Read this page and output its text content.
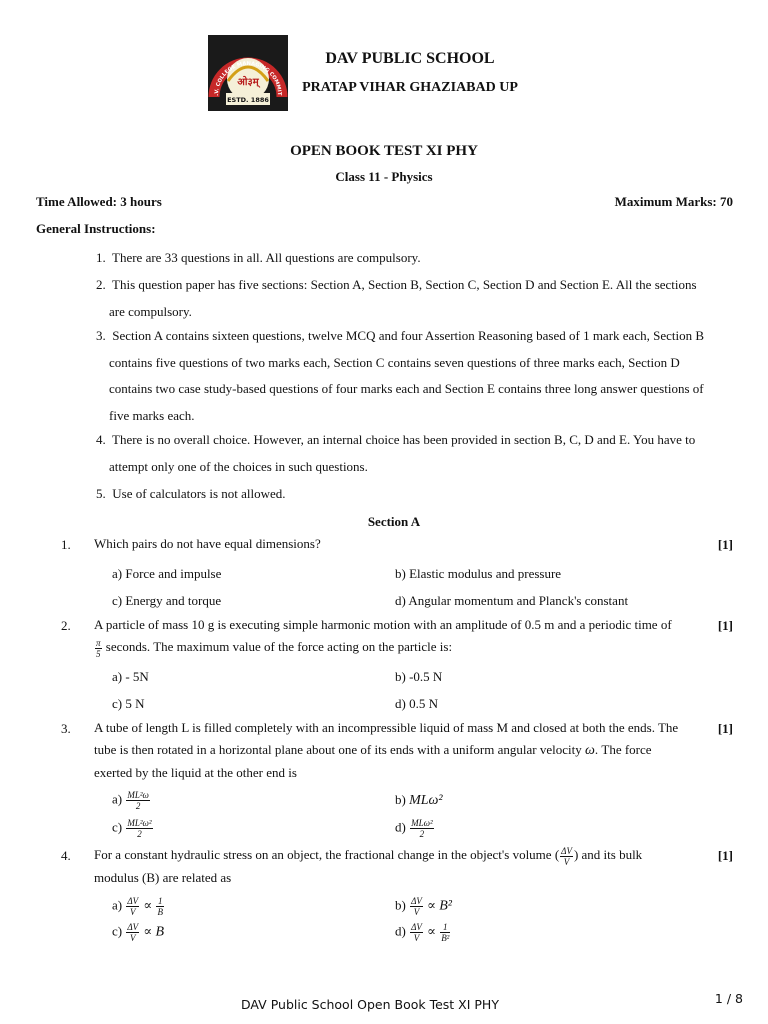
.V. COLLEGE MANAGING COMMIT
ओ३म्
ESTD. 1886
DAV PUBLIC SCHOOL
PRATAP VIHAR GHAZIABAD UP
OPEN BOOK TEST XI PHY
Class 11 - Physics
Time Allowed: 3 hours	Maximum Marks: 70
General Instructions:
1. There are 33 questions in all. All questions are compulsory.
2. This question paper has five sections: Section A, Section B, Section C, Section D and Section E. All the sections
are compulsory.
3. Section A contains sixteen questions, twelve MCQ and four Assertion Reasoning based of 1 mark each, Section B
contains five questions of two marks each, Section C contains seven questions of three marks each, Section D
contains two case study-based questions of four marks each and Section E contains three long answer questions of
five marks each.
4. There is no overall choice. However, an internal choice has been provided in section B, C, D and E. You have to
attempt only one of the choices in such questions.
5. Use of calculators is not allowed.
Section A
1. Which pairs do not have equal dimensions?	[1]
a) Force and impulse	b) Elastic modulus and pressure
c) Energy and torque	d) Angular momentum and Planck's constant
2. A particle of mass 10 g is executing simple harmonic motion with an amplitude of 0.5 m and a periodic time of
$\frac{\pi}{5}$ seconds. The maximum value of the force acting on the particle is:
[1]
a) - 5N	b) -0.5 N
c) 5 N	d) 0.5 N
3. A tube of length L is filled completely with an incompressible liquid of mass M and closed at both the ends. The
tube is then rotated in a horizontal plane about one of its ends with a uniform angular velocity ω. The force
exerted by the liquid at the other end is
[1]
$a) \frac{\text{ML²ω}}{2}$	b) MLω²
$c) \frac{\text{ML²ω²}}{2}$	$d) \frac{\text{MLω²}}{2}$
4. For a constant hydraulic stress on an object, the fractional change in the object's volume ( $\frac{\Delta V}{V}$ ) and its bulk
modulus (B) are related as
[1]
$a) \frac{\Delta V}{V} \propto \frac{1}{B}$	$b) \frac{\Delta V}{V} \propto B^2$
$c) \frac{\Delta V}{V} \propto B$	$d) \frac{\Delta V}{V} \propto \frac{1}{\text{B²}}$
DAV Public School Open Book Test XI PHY	1 / 8
